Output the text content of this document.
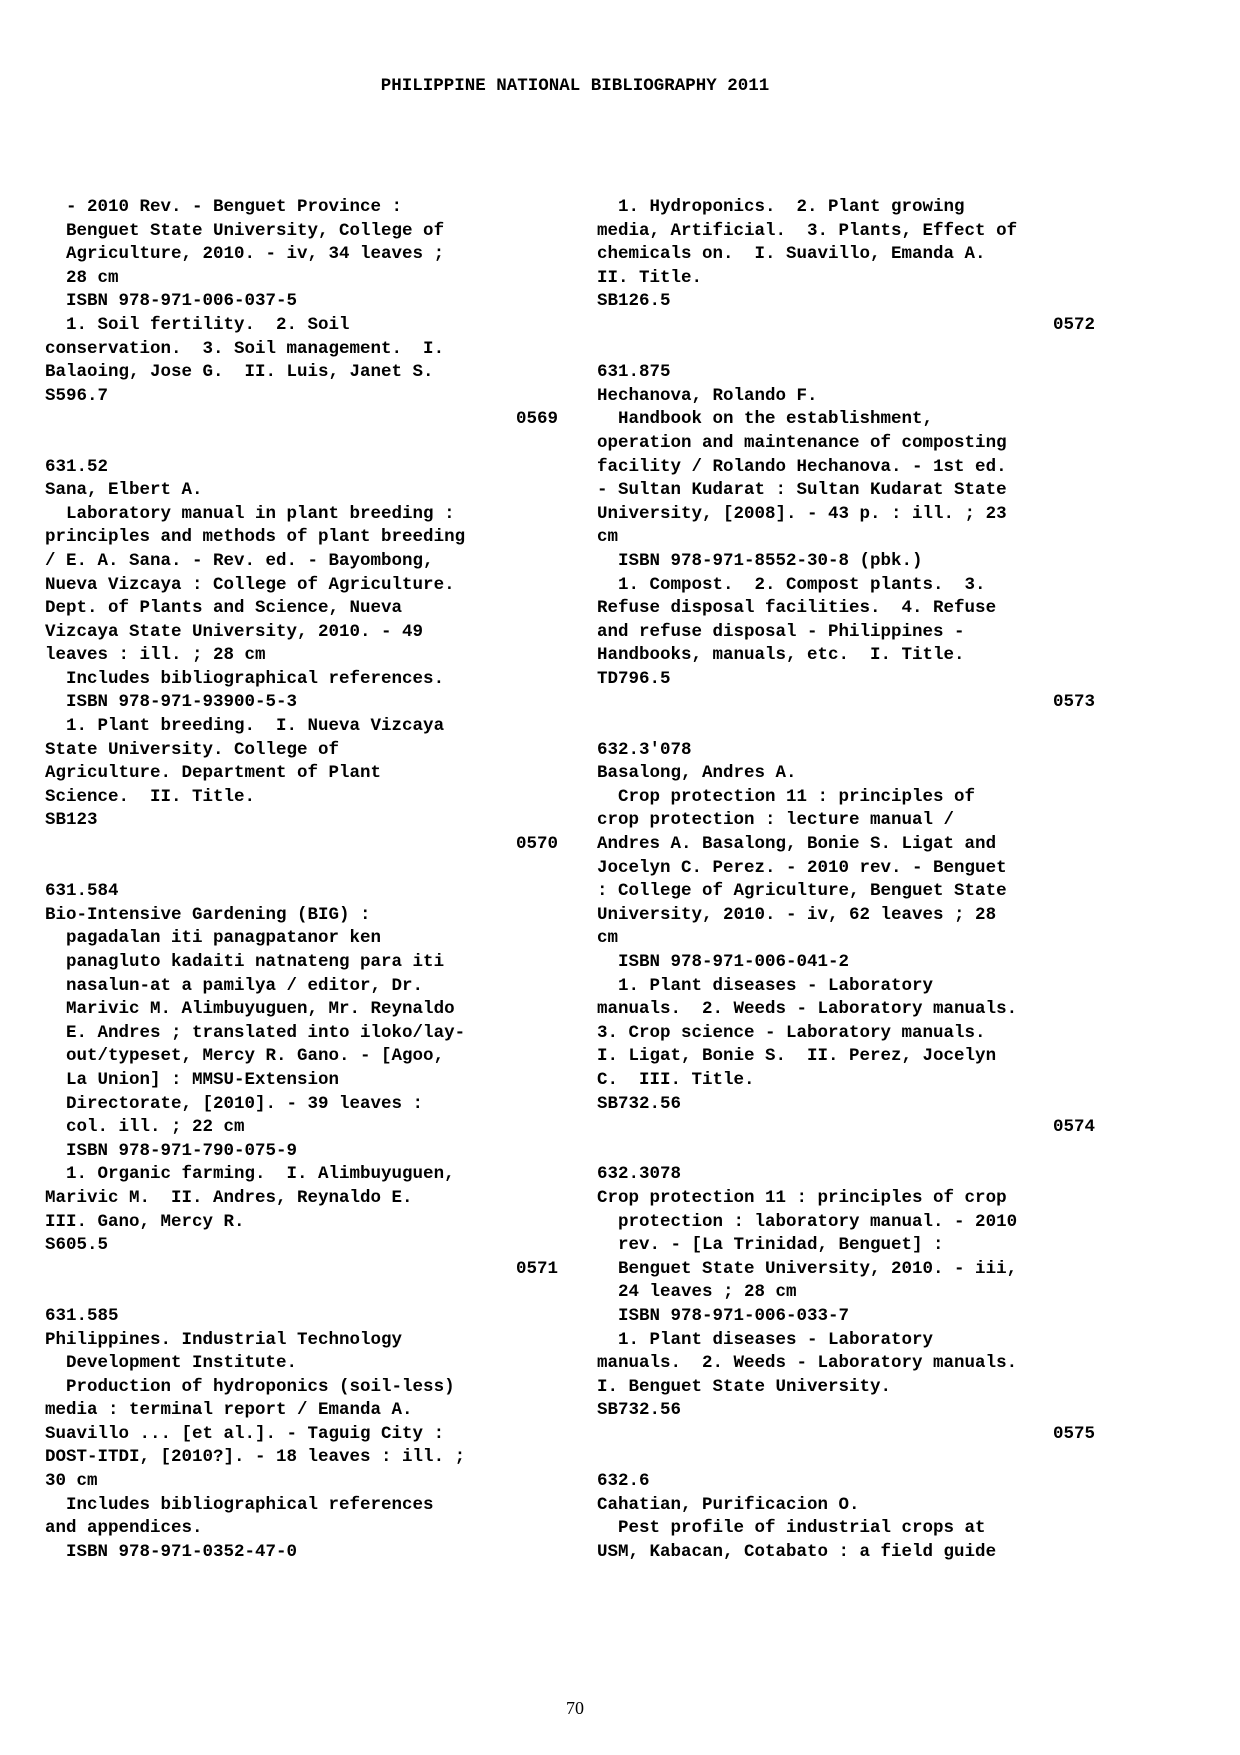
PHILIPPINE NATIONAL BIBLIOGRAPHY 2011
- 2010 Rev. - Benguet Province :
Benguet State University, College of
Agriculture, 2010. - iv, 34 leaves ;
28 cm
ISBN 978-971-006-037-5
1. Soil fertility.  2. Soil
conservation.  3. Soil management.  I.
Balaoing, Jose G.  II. Luis, Janet S.
S596.7
0569
631.52
Sana, Elbert A.
Laboratory manual in plant breeding :
principles and methods of plant breeding
/ E. A. Sana. - Rev. ed. - Bayombong,
Nueva Vizcaya : College of Agriculture.
Dept. of Plants and Science, Nueva
Vizcaya State University, 2010. - 49
leaves : ill. ; 28 cm
Includes bibliographical references.
ISBN 978-971-93900-5-3
1. Plant breeding.  I. Nueva Vizcaya
State University. College of
Agriculture. Department of Plant
Science.  II. Title.
SB123
0570
631.584
Bio-Intensive Gardening (BIG) :
pagadalan iti panagpatanor ken
panagluto kadaiti natnateng para iti
nasalun-at a pamilya / editor, Dr.
Marivic M. Alimbuyuguen, Mr. Reynaldo
E. Andres ; translated into iloko/lay-
out/typeset, Mercy R. Gano. - [Agoo,
La Union] : MMSU-Extension
Directorate, [2010]. - 39 leaves :
col. ill. ; 22 cm
ISBN 978-971-790-075-9
1. Organic farming.  I. Alimbuyuguen,
Marivic M.  II. Andres, Reynaldo E.
III. Gano, Mercy R.
S605.5
0571
631.585
Philippines. Industrial Technology
Development Institute.
Production of hydroponics (soil-less)
media : terminal report / Emanda A.
Suavillo ... [et al.]. - Taguig City :
DOST-ITDI, [2010?]. - 18 leaves : ill. ;
30 cm
Includes bibliographical references
and appendices.
ISBN 978-971-0352-47-0
1. Hydroponics.  2. Plant growing
media, Artificial.  3. Plants, Effect of
chemicals on.  I. Suavillo, Emanda A.
II. Title.
SB126.5
0572
631.875
Hechanova, Rolando F.
Handbook on the establishment,
operation and maintenance of composting
facility / Rolando Hechanova. - 1st ed.
- Sultan Kudarat : Sultan Kudarat State
University, [2008]. - 43 p. : ill. ; 23
cm
ISBN 978-971-8552-30-8 (pbk.)
1. Compost.  2. Compost plants.  3.
Refuse disposal facilities.  4. Refuse
and refuse disposal - Philippines -
Handbooks, manuals, etc.  I. Title.
TD796.5
0573
632.3'078
Basalong, Andres A.
Crop protection 11 : principles of
crop protection : lecture manual /
Andres A. Basalong, Bonie S. Ligat and
Jocelyn C. Perez. - 2010 rev. - Benguet
: College of Agriculture, Benguet State
University, 2010. - iv, 62 leaves ; 28
cm
ISBN 978-971-006-041-2
1. Plant diseases - Laboratory
manuals.  2. Weeds - Laboratory manuals.
3. Crop science - Laboratory manuals.
I. Ligat, Bonie S.  II. Perez, Jocelyn
C.  III. Title.
SB732.56
0574
632.3078
Crop protection 11 : principles of crop
protection : laboratory manual. - 2010
rev. - [La Trinidad, Benguet] :
Benguet State University, 2010. - iii,
24 leaves ; 28 cm
ISBN 978-971-006-033-7
1. Plant diseases - Laboratory
manuals.  2. Weeds - Laboratory manuals.
I. Benguet State University.
SB732.56
0575
632.6
Cahatian, Purificacion O.
Pest profile of industrial crops at
USM, Kabacan, Cotabato : a field guide
70
